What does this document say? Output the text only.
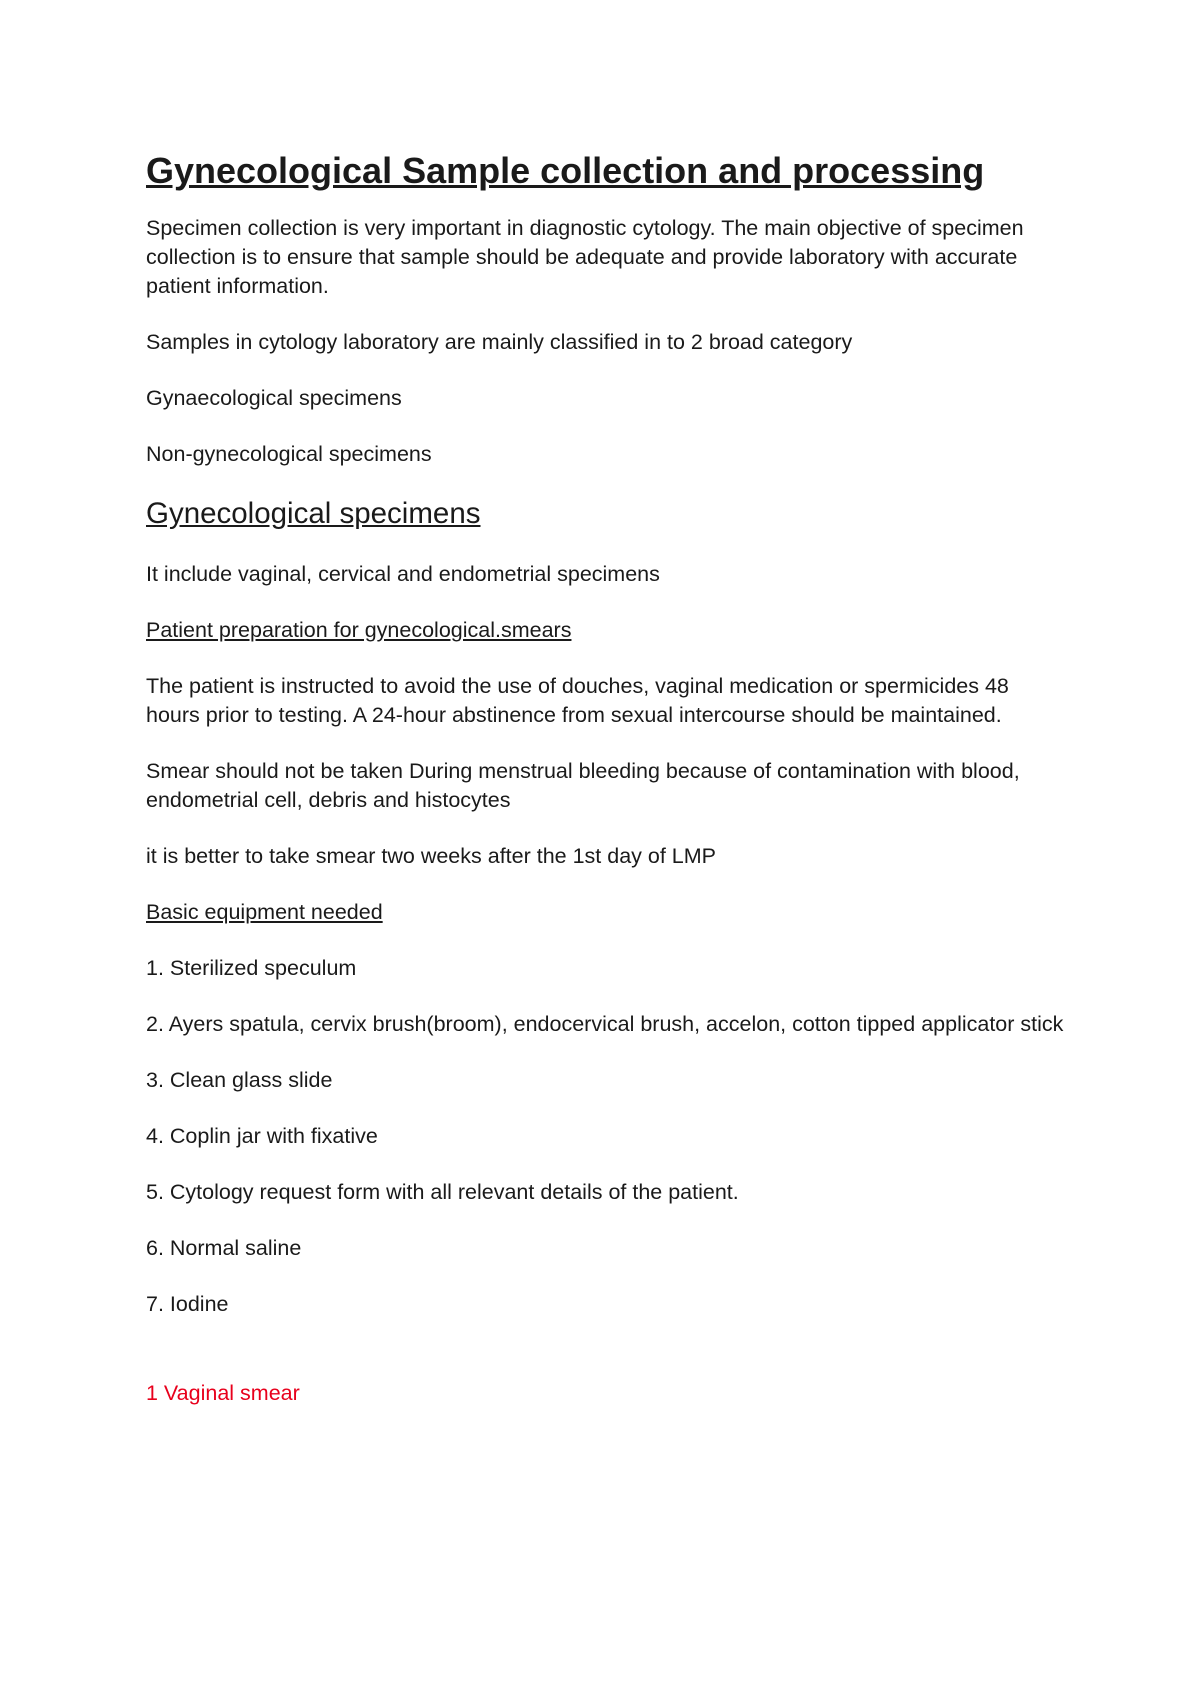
Gynecological Sample collection and processing

Specimen collection is very important in diagnostic cytology. The main objective of specimen collection is to ensure that sample should be adequate and provide laboratory with accurate patient information.

Samples in cytology laboratory are mainly classified in to 2 broad category

Gynaecological specimens

Non-gynecological specimens

Gynecological specimens

It include vaginal, cervical and endometrial specimens

Patient preparation for gynecological.smears

The patient is instructed to avoid the use of douches, vaginal medication or spermicides 48 hours prior to testing. A 24-hour abstinence from sexual intercourse should be maintained.

Smear should not be taken During menstrual bleeding because of contamination with blood, endometrial cell, debris and histocytes

it is better to take smear two weeks after the 1st day of LMP

Basic equipment needed

1. Sterilized speculum

2. Ayers spatula, cervix brush(broom), endocervical brush, accelon, cotton tipped applicator stick

3. Clean glass slide

4. Coplin jar with fixative

5. Cytology request form with all relevant details of the patient.

6. Normal saline

7. Iodine

1 Vaginal smear
